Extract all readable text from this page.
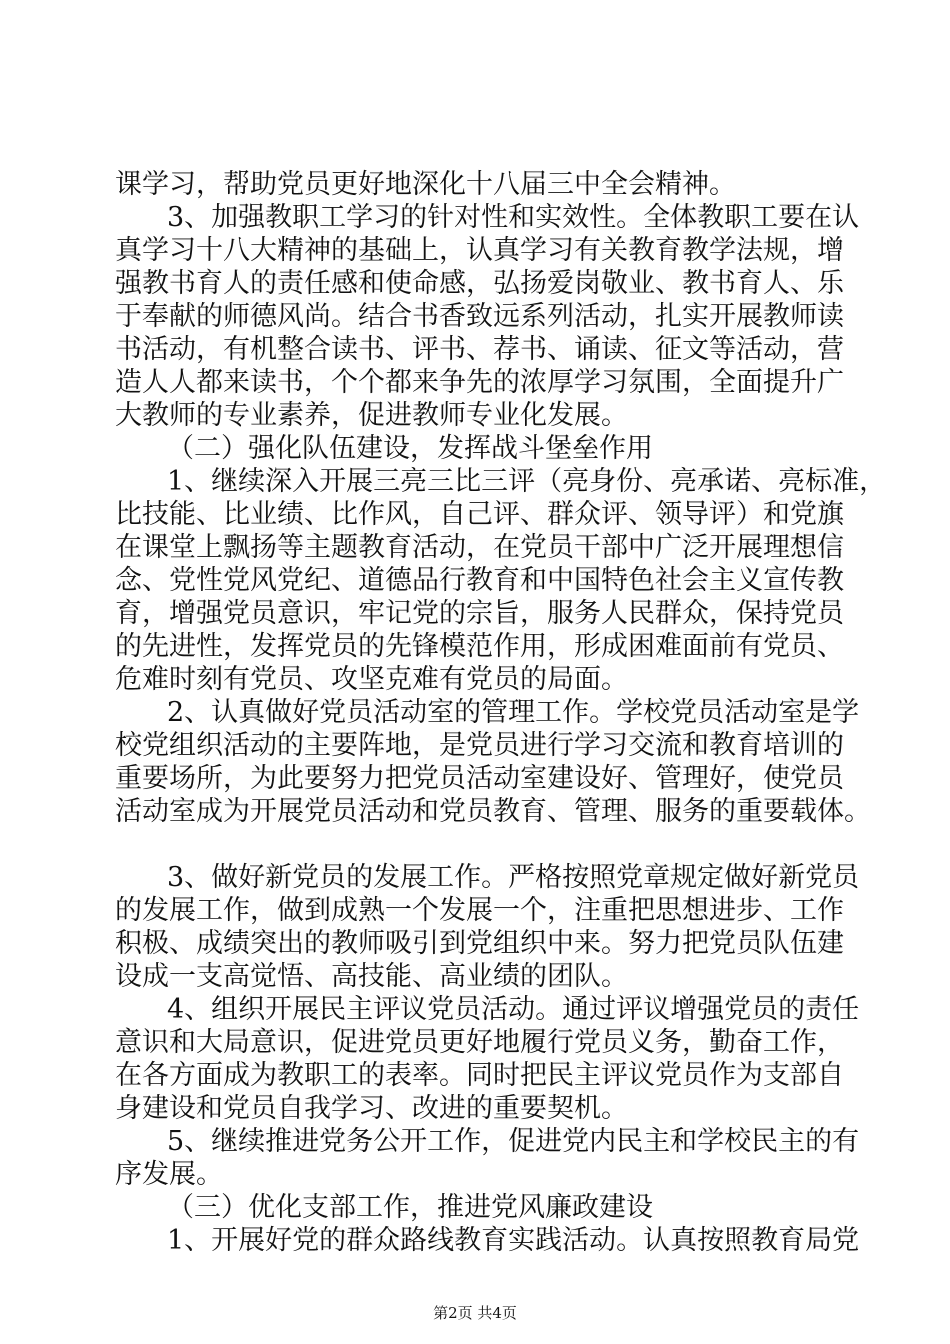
课学习，帮助党员更好地深化十八届三中全会精神。
3、加强教职工学习的针对性和实效性。全体教职工要在认
真学习十八大精神的基础上，认真学习有关教育教学法规，增
强教书育人的责任感和使命感，弘扬爱岗敬业、教书育人、乐
于奉献的师德风尚。结合书香致远系列活动，扎实开展教师读
书活动，有机整合读书、评书、荐书、诵读、征文等活动，营
造人人都来读书，个个都来争先的浓厚学习氛围，全面提升广
大教师的专业素养，促进教师专业化发展。
（二）强化队伍建设，发挥战斗堡垒作用
1、继续深入开展三亮三比三评（亮身份、亮承诺、亮标准，
比技能、比业绩、比作风，自己评、群众评、领导评）和党旗
在课堂上飘扬等主题教育活动，在党员干部中广泛开展理想信
念、党性党风党纪、道德品行教育和中国特色社会主义宣传教
育，增强党员意识，牢记党的宗旨，服务人民群众，保持党员
的先进性，发挥党员的先锋模范作用，形成困难面前有党员、
危难时刻有党员、攻坚克难有党员的局面。
2、认真做好党员活动室的管理工作。学校党员活动室是学
校党组织活动的主要阵地，是党员进行学习交流和教育培训的
重要场所，为此要努力把党员活动室建设好、管理好，使党员
活动室成为开展党员活动和党员教育、管理、服务的重要载体。
3、做好新党员的发展工作。严格按照党章规定做好新党员
的发展工作，做到成熟一个发展一个，注重把思想进步、工作
积极、成绩突出的教师吸引到党组织中来。努力把党员队伍建
设成一支高觉悟、高技能、高业绩的团队。
4、组织开展民主评议党员活动。通过评议增强党员的责任
意识和大局意识，促进党员更好地履行党员义务，勤奋工作，
在各方面成为教职工的表率。同时把民主评议党员作为支部自
身建设和党员自我学习、改进的重要契机。
5、继续推进党务公开工作，促进党内民主和学校民主的有
序发展。
（三）优化支部工作，推进党风廉政建设
1、开展好党的群众路线教育实践活动。认真按照教育局党
第2页 共4页
